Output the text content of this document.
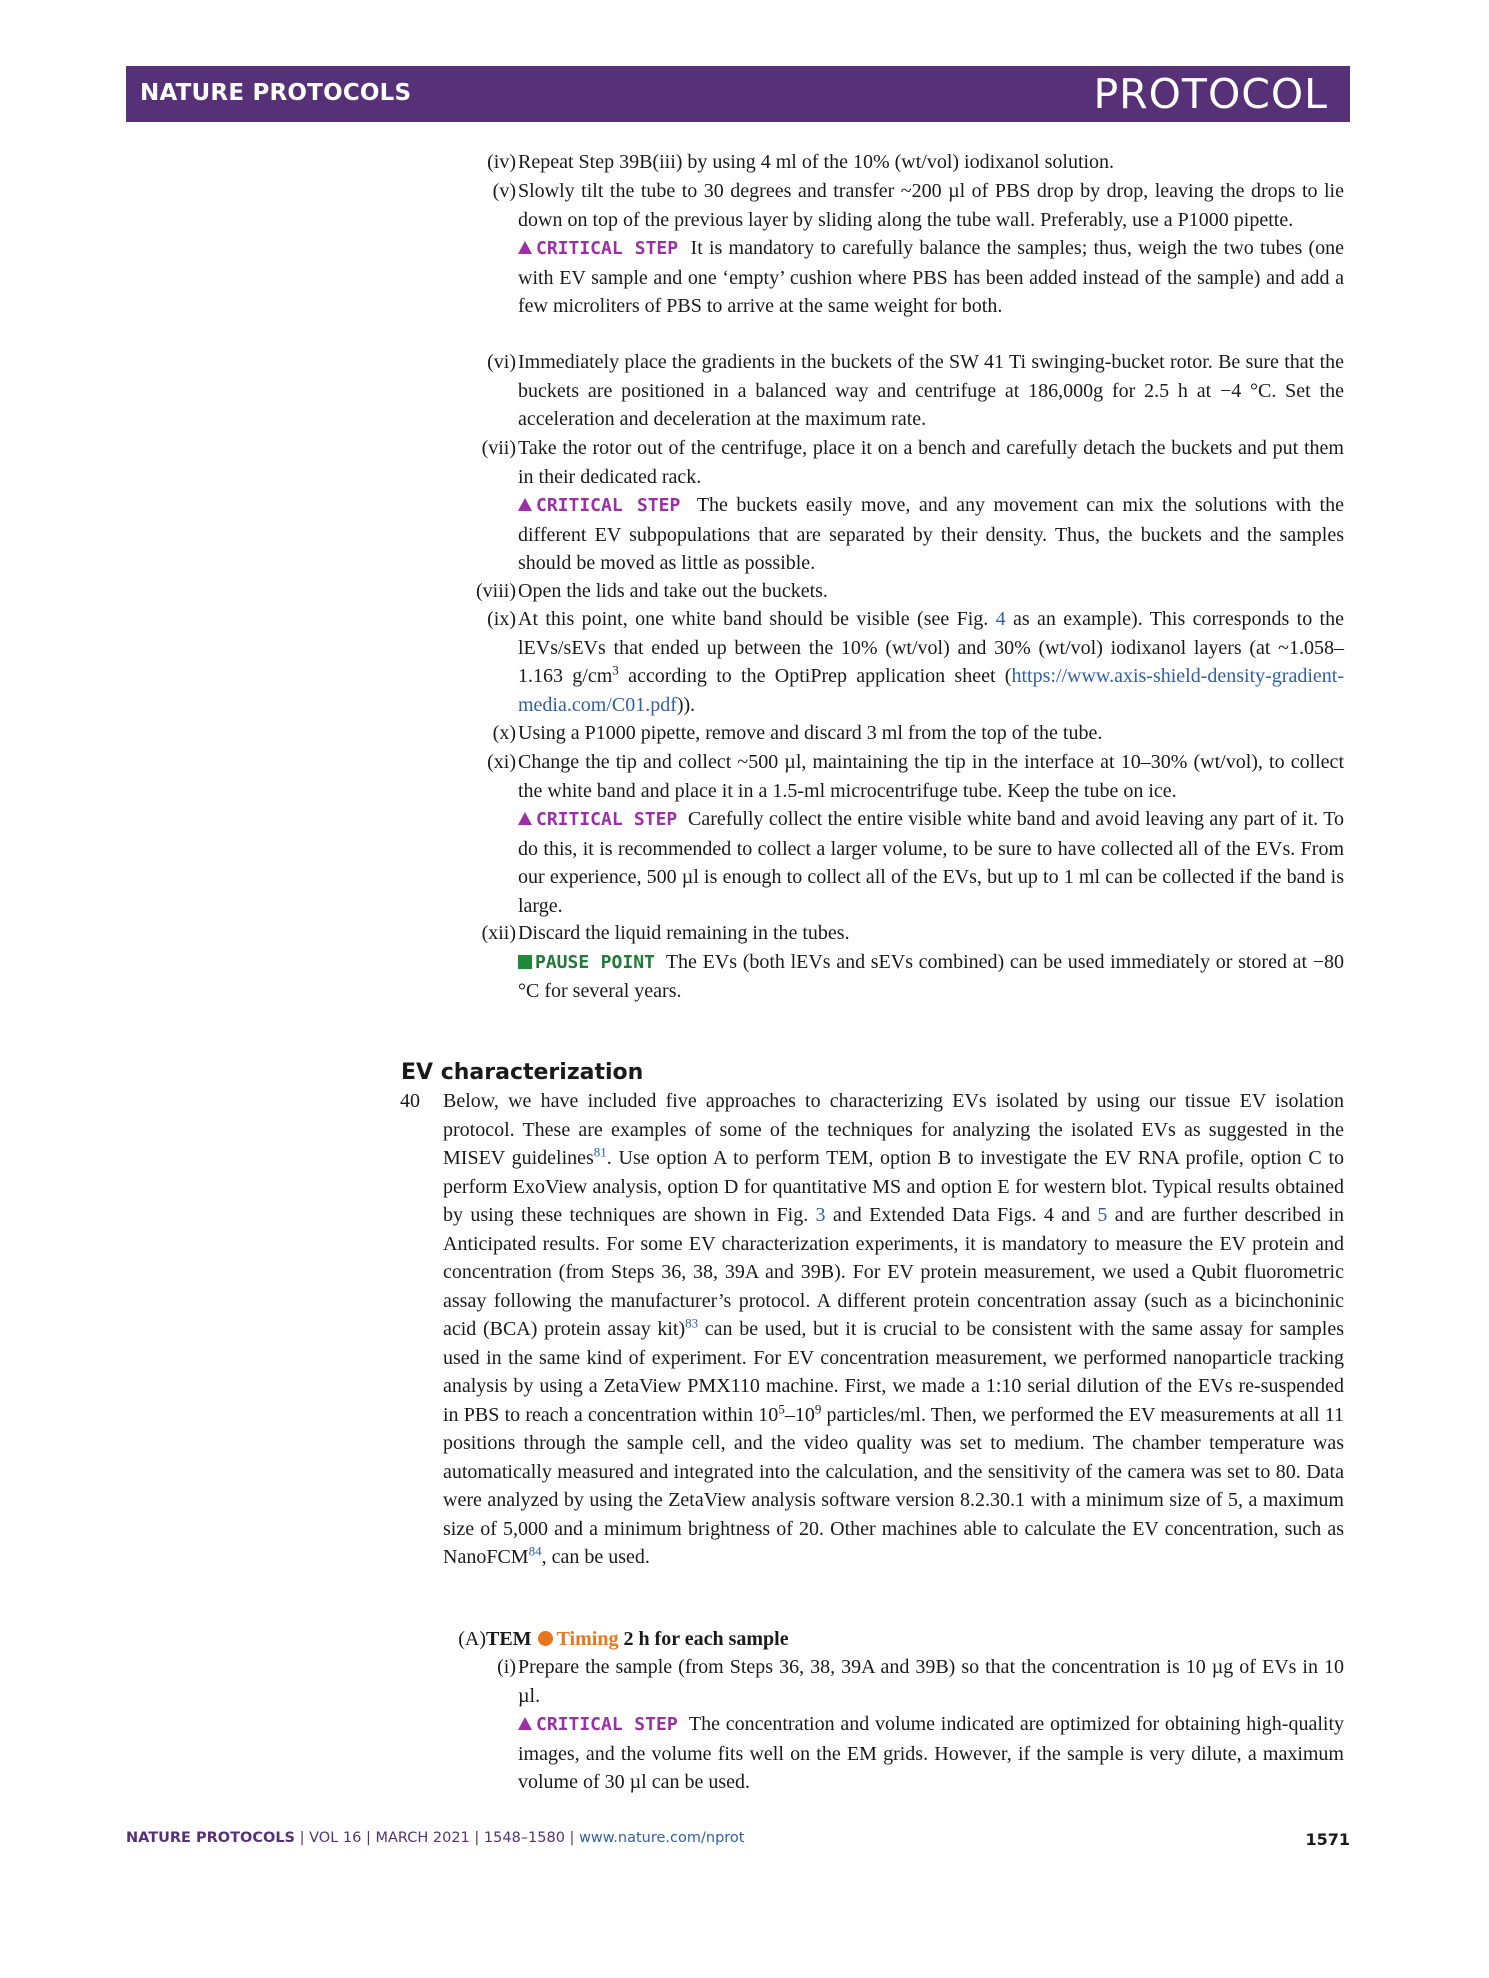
NATURE PROTOCOLS	PROTOCOL
(iv) Repeat Step 39B(iii) by using 4 ml of the 10% (wt/vol) iodixanol solution.

(v) Slowly tilt the tube to 30 degrees and transfer ~200 µl of PBS drop by drop, leaving the drops to lie down on top of the previous layer by sliding along the tube wall. Preferably, use a P1000 pipette.

CRITICAL STEP It is mandatory to carefully balance the samples; thus, weigh the two tubes (one with EV sample and one ‘empty’ cushion where PBS has been added instead of the sample) and add a few microliters of PBS to arrive at the same weight for both.

(vi) Immediately place the gradients in the buckets of the SW 41 Ti swinging-bucket rotor. Be sure that the buckets are positioned in a balanced way and centrifuge at 186,000g for 2.5 h at −4 °C. Set the acceleration and deceleration at the maximum rate.

(vii) Take the rotor out of the centrifuge, place it on a bench and carefully detach the buckets and put them in their dedicated rack.

CRITICAL STEP The buckets easily move, and any movement can mix the solutions with the different EV subpopulations that are separated by their density. Thus, the buckets and the samples should be moved as little as possible.

(viii) Open the lids and take out the buckets.

(ix) At this point, one white band should be visible (see Fig. 4 as an example). This corresponds to the lEVs/sEVs that ended up between the 10% (wt/vol) and 30% (wt/vol) iodixanol layers (at ~1.058–1.163 $g/cm^3$ according to the OptiPrep application sheet (https://www.axis-shield-density-gradient-media.com/C01.pdf)).

(x) Using a P1000 pipette, remove and discard 3 ml from the top of the tube.

(xi) Change the tip and collect ~500 µl, maintaining the tip in the interface at 10–30% (wt/vol), to collect the white band and place it in a 1.5-ml microcentrifuge tube. Keep the tube on ice.

CRITICAL STEP Carefully collect the entire visible white band and avoid leaving any part of it. To do this, it is recommended to collect a larger volume, to be sure to have collected all of the EVs. From our experience, 500 µl is enough to collect all of the EVs, but up to 1 ml can be collected if the band is large.

(xii) Discard the liquid remaining in the tubes.

PAUSE POINT The EVs (both lEVs and sEVs combined) can be used immediately or stored at −80 °C for several years.

EV characterization
40 Below, we have included five approaches to characterizing EVs isolated by using our tissue EV isolation protocol. These are examples of some of the techniques for analyzing the isolated EVs as suggested in the MISEV guidelines$^{81}$. Use option A to perform TEM, option B to investigate the EV RNA profile, option C to perform ExoView analysis, option D for quantitative MS and option E for western blot. Typical results obtained by using these techniques are shown in Fig. 3 and Extended Data Figs. 4 and 5 and are further described in Anticipated results. For some EV characterization experiments, it is mandatory to measure the EV protein and concentration (from Steps 36, 38, 39A and 39B). For EV protein measurement, we used a Qubit fluorometric assay following the manufacturer’s protocol. A different protein concentration assay (such as a bicinchoninic acid (BCA) protein assay kit)$^{83}$ can be used, but it is crucial to be consistent with the same assay for samples used in the same kind of experiment. For EV concentration measurement, we performed nanoparticle tracking analysis by using a ZetaView PMX110 machine. First, we made a 1:10 serial dilution of the EVs re-suspended in PBS to reach a concentration within $10^5-10^9$ particles/ml. Then, we performed the EV measurements at all 11 positions through the sample cell, and the video quality was set to medium. The chamber temperature was automatically measured and integrated into the calculation, and the sensitivity of the camera was set to 80. Data were analyzed by using the ZetaView analysis software version 8.2.30.1 with a minimum size of 5, a maximum size of 5,000 and a minimum brightness of 20. Other machines able to calculate the EV concentration, such as NanoFCM$^{84}$, can be used.

(A) TEM Timing 2 h for each sample
(i) Prepare the sample (from Steps 36, 38, 39A and 39B) so that the concentration is 10 µg of EVs in 10 µl.

CRITICAL STEP The concentration and volume indicated are optimized for obtaining high-quality images, and the volume fits well on the EM grids. However, if the sample is very dilute, a maximum volume of 30 µl can be used.

NATURE PROTOCOLS | VOL 16 | MARCH 2021 | 1548–1580 | www.nature.com/nprot	1571
